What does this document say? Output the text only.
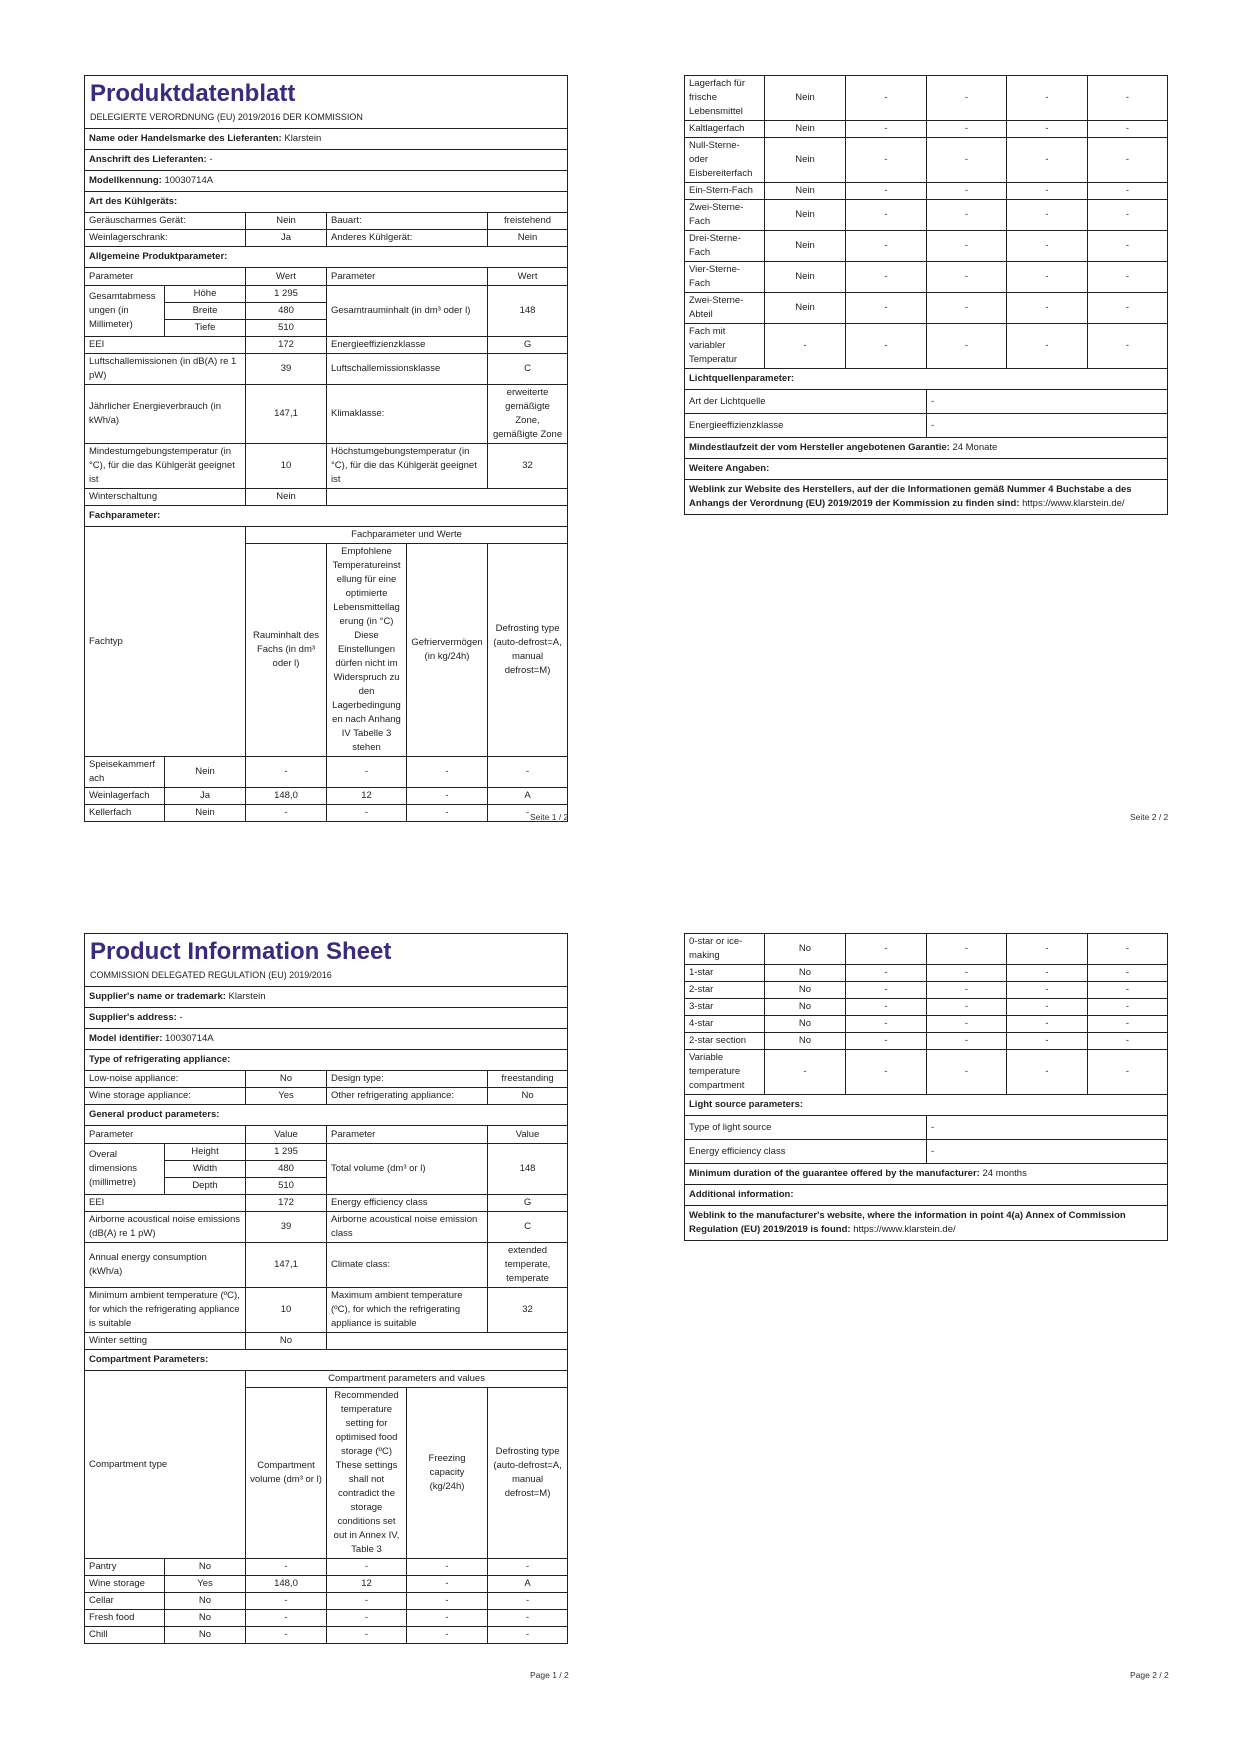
Produktdatenblatt					

DELEGIERTE VERORDNUNG (EU) 2019/2016 DER KOMMISSION					
Name oder Handelsmarke des Lieferanten: Klarstein					
Anschrift des Lieferanten: -					
Modellkennung: 10030714A					
Art des Kühlgeräts:					
Geräuscharmes Gerät:		Nein	Bauart:		freistehend
Weinlagerschrank:		Ja	Anderes Kühlgerät:		Nein
Allgemeine Produktparameter:					
Parameter		Wert	Parameter		Wert
Gesamtabmessungen (in Millimeter)	Höhe	1 295	Gesamtrauminhalt (in dm³ oder l)		148
	Breite	480			
	Tiefe	510			
EEI		172	Energieeffizienzklasse		G
Luftschallemissionen (in dB(A) re 1 pW)		39	Luftschallemissionsklasse		C
Jährlicher Energieverbrauch (in kWh/a)		147,1	Klimaklasse:		erweiterte gemäßigte Zone, gemäßigte Zone
Mindestumgebungstemperatur (in °C), für die das Kühlgerät geeignet ist		10	Höchstumgebungstemperatur (in °C), für die das Kühlgerät geeignet ist		32
Winterschaltung		Nein			
Fachparameter:					
Fachtyp		Fachparameter und Werte			
		Rauminhalt des Fachs (in dm³ oder l)	Empfohlene Temperatureinstellung für eine optimierte Lebensmittellagerung (in °C) Diese Einstellungen dürfen nicht im Widerspruch zu den Lagerbedingungen nach Anhang IV Tabelle 3 stehen	Gefriervermögen (in kg/24h)	Defrosting type (auto-defrost=A, manual defrost=M)
Speisekammerfach	Nein	-	-	-	-
Weinlagerfach	Ja	148,0	12	-	A
Kellerfach	Nein	-	-	-	- Seite 1 / 2
Lagerfach für frische Lebensmittel	Nein	-	-	-	-
Kaltlagerfach	Nein	-	-	-	-
Null-Sterne- oder Eisbereiterfach	Nein	-	-	-	-
Ein-Stern-Fach	Nein	-	-	-	-
Zwei-Sterne-Fach	Nein	-	-	-	-
Drei-Sterne-Fach	Nein	-	-	-	-
Vier-Sterne-Fach	Nein	-	-	-	-
Zwei-Sterne-Abteil	Nein	-	-	-	-
Fach mit variabler Temperatur	-	-	-	-	-
Lichtquellenparameter:					
Art der Lichtquelle			-		
Energieeffizienzklasse			-		
Mindestlaufzeit der vom Hersteller angebotenen Garantie: 24 Monate					
Weitere Angaben:					
Weblink zur Website des Herstellers, auf der die Informationen gemäß Nummer 4 Buchstabe a des Anhangs der Verordnung (EU) 2019/2019 der Kommission zu finden sind: https://www.klarstein.de/					
Seite 2 / 2
Product Information Sheet					

COMMISSION DELEGATED REGULATION (EU) 2019/2016					
Supplier's name or trademark: Klarstein					
Supplier's address: -					
Model identifier: 10030714A					
Type of refrigerating appliance:					
Low-noise appliance:		No	Design type:		freestanding
Wine storage appliance:		Yes	Other refrigerating appliance:		No
General product parameters:					
Parameter		Value	Parameter		Value
Overal dimensions (millimetre)	Height	1 295	Total volume (dm³ or l)		148
	Width	480			
	Depth	510			
EEI		172	Energy efficiency class		G
Airborne acoustical noise emissions (dB(A) re 1 pW)		39	Airborne acoustical noise emission class		C
Annual energy consumption (kWh/a)		147,1	Climate class:		extended temperate, temperate
Minimum ambient temperature (ºC), for which the refrigerating appliance is suitable		10	Maximum ambient temperature (ºC), for which the refrigerating appliance is suitable		32
Winter setting		No			
Compartment Parameters:					
Compartment type		Compartment parameters and values			
		Compartment volume (dm³ or l)	Recommended temperature setting for optimised food storage (ºC) These settings shall not contradict the storage conditions set out in Annex IV, Table 3	Freezing capacity (kg/24h)	Defrosting type (auto-defrost=A, manual defrost=M)
Pantry	No	-	-	-	-
Wine storage	Yes	148,0	12	-	A
Cellar	No	-	-	-	-
Fresh food	No	-	-	-	-
Chill	No	-	-	-	-
Page 1 / 2
0-star or ice-making	No	-	-	-	-
1-star	No	-	-	-	-
2-star	No	-	-	-	-
3-star	No	-	-	-	-
4-star	No	-	-	-	-
2-star section	No	-	-	-	-
Variable temperature compartment	-	-	-	-	-
Light source parameters:					
Type of light source			-		
Energy efficiency class			-		
Minimum duration of the guarantee offered by the manufacturer: 24 months					
Additional information:					
Weblink to the manufacturer's website, where the information in point 4(a) Annex of Commission Regulation (EU) 2019/2019 is found: https://www.klarstein.de/					
Page 2 / 2
